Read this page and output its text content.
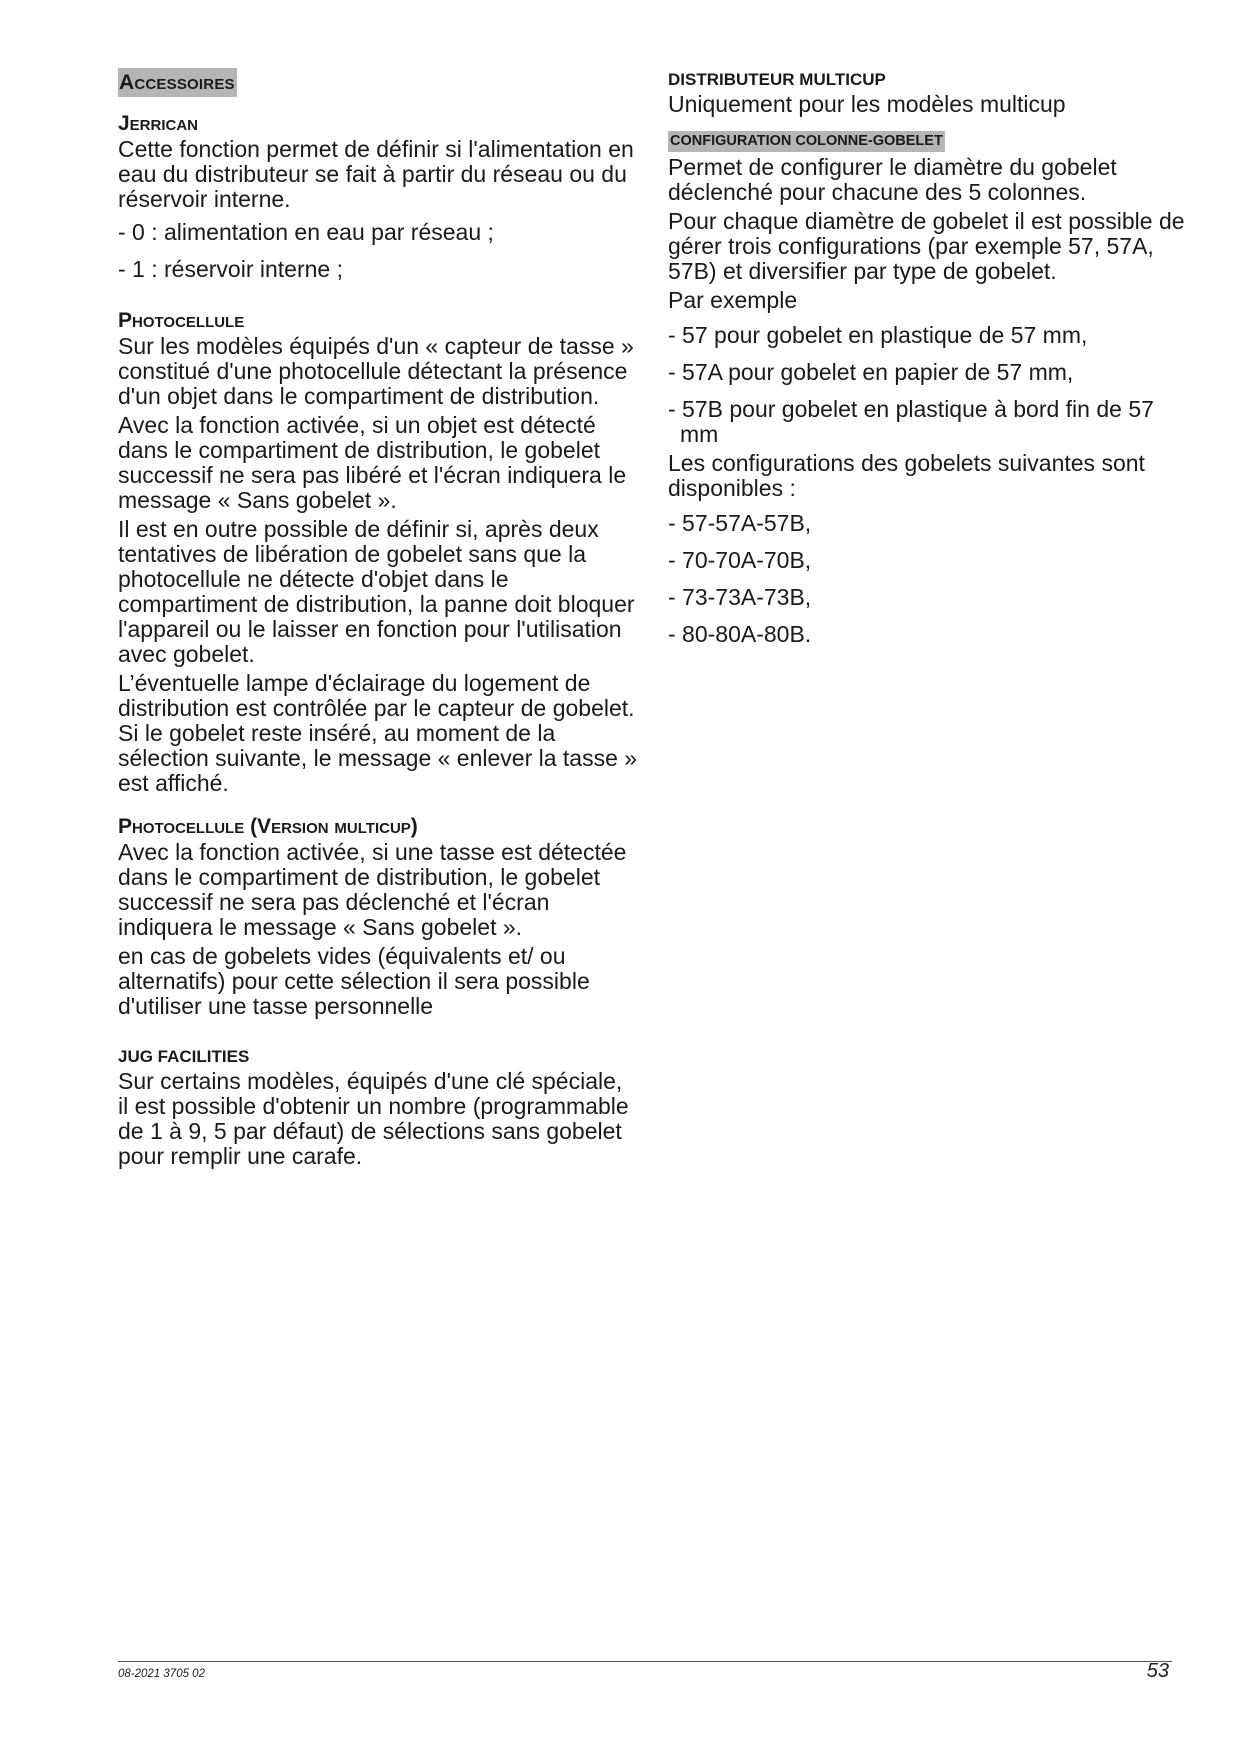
Accessoires
Jerrican
Cette fonction permet de définir si l'alimentation en eau du distributeur se fait à partir du réseau ou du réservoir interne.
- 0 : alimentation en eau par réseau ;
- 1 : réservoir interne ;
Photocellule
Sur les modèles équipés d'un « capteur de tasse » constitué d'une photocellule détectant la présence d'un objet dans le compartiment de distribution.
Avec la fonction activée, si un objet est détecté dans le compartiment de distribution, le gobelet successif ne sera pas libéré et l'écran indiquera le message « Sans gobelet ».
Il est en outre possible de définir si, après deux tentatives de libération de gobelet sans que la photocellule ne détecte d'objet dans le compartiment de distribution, la panne doit bloquer l'appareil ou le laisser en fonction pour l'utilisation avec gobelet.
L’éventuelle lampe d'éclairage du logement de distribution est contrôlée par le capteur de gobelet. Si le gobelet reste inséré, au moment de la sélection suivante, le message « enlever la tasse » est affiché.
Photocellule (Version multicup)
Avec la fonction activée, si une tasse est détectée dans le compartiment de distribution, le gobelet successif ne sera pas déclenché et l'écran indiquera le message « Sans gobelet ».
en cas de gobelets vides (équivalents et/ ou alternatifs) pour cette sélection il sera possible d'utiliser une tasse personnelle
JUG FACILITIES
Sur certains modèles, équipés d'une clé spéciale, il est possible d'obtenir un nombre (programmable de 1 à 9, 5 par défaut) de sélections sans gobelet pour remplir une carafe.
DISTRIBUTEUR MULTICUP
Uniquement pour les modèles multicup
CONFIGURATION COLONNE-GOBELET
Permet de configurer le diamètre du gobelet déclenché pour chacune des 5 colonnes.
Pour chaque diamètre de gobelet il est possible de gérer trois configurations (par exemple 57, 57A, 57B) et diversifier par type de gobelet.
Par exemple
- 57 pour gobelet en plastique de 57 mm,
- 57A pour gobelet en papier de 57 mm,
- 57B pour gobelet en plastique à bord fin de 57 mm
Les configurations des gobelets suivantes sont disponibles :
- 57-57A-57B,
- 70-70A-70B,
- 73-73A-73B,
- 80-80A-80B.
08-2021 3705 02	53
